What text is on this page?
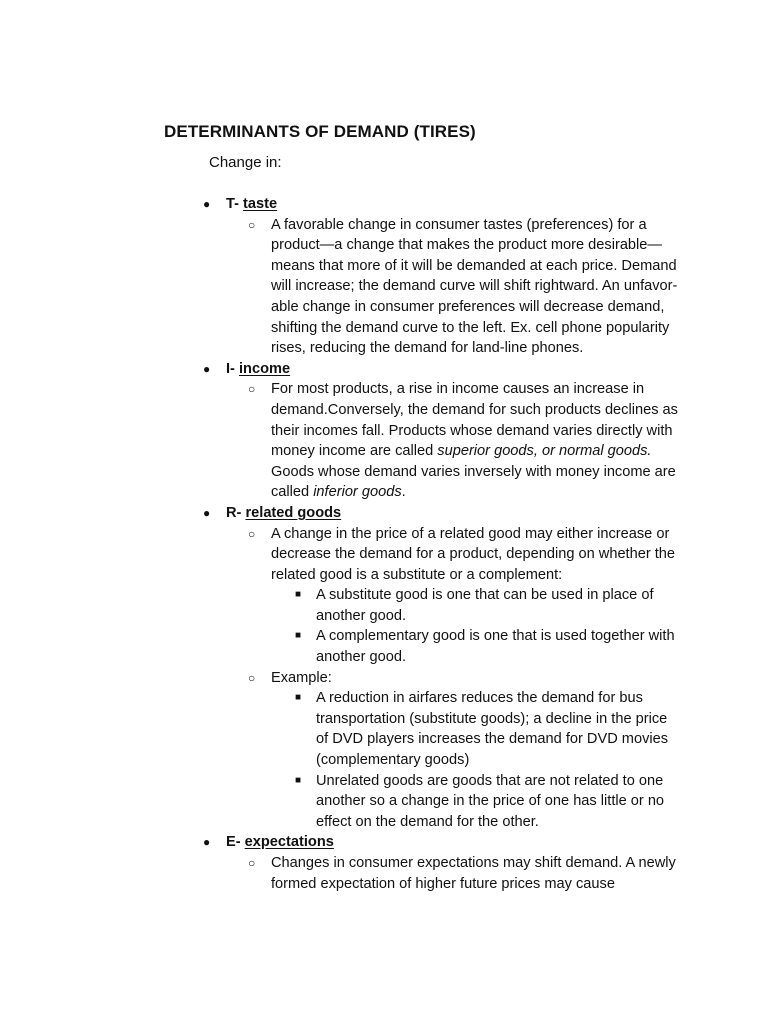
DETERMINANTS OF DEMAND (TIRES)
Change in:
● T- taste
○ A favorable change in consumer tastes (preferences) for a product—a change that makes the product more desirable—means that more of it will be demanded at each price. Demand will increase; the demand curve will shift rightward. An unfavor- able change in consumer preferences will decrease demand, shifting the demand curve to the left. Ex. cell phone popularity rises, reducing the demand for land-line phones.
● I- income
○ For most products, a rise in income causes an increase in demand.Conversely, the demand for such products declines as their incomes fall. Products whose demand varies directly with money income are called superior goods, or normal goods. Goods whose demand varies inversely with money income are called inferior goods.
● R- related goods
○ A change in the price of a related good may either increase or decrease the demand for a product, depending on whether the related good is a substitute or a complement:
■ A substitute good is one that can be used in place of another good.
■ A complementary good is one that is used together with another good.
○ Example:
■ A reduction in airfares reduces the demand for bus transportation (substitute goods); a decline in the price of DVD players increases the demand for DVD movies (complementary goods)
■ Unrelated goods are goods that are not related to one another so a change in the price of one has little or no effect on the demand for the other.
● E- expectations
○ Changes in consumer expectations may shift demand. A newly formed expectation of higher future prices may cause
